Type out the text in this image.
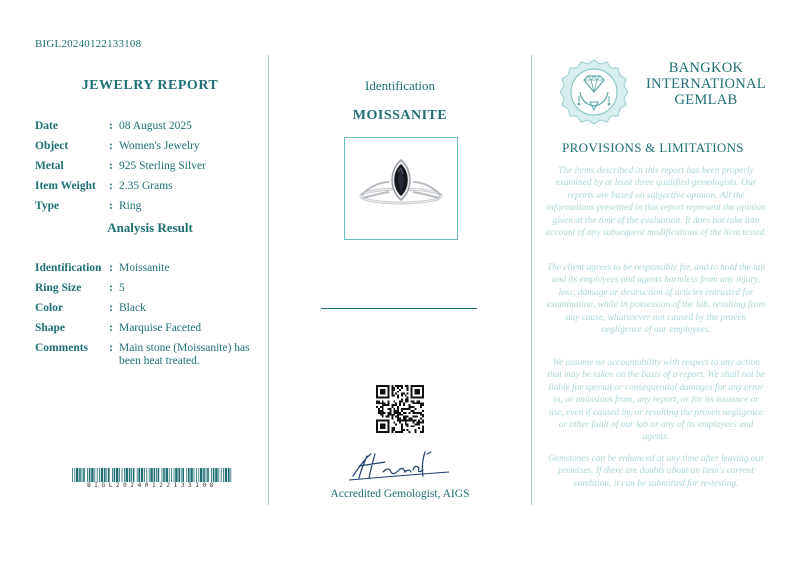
BIGL20240122133108
JEWELRY REPORT
Date	: 08 August 2025
Object	: Women's Jewelry
Metal	: 925 Sterling Silver
Item Weight : 2.35 Grams
Type	: Ring
Analysis Result
Identification : Moissanite
Ring Size : 5
Color	: Black
Shape	: Marquise Faceted
Comments : Main stone (Moissanite) has been heat treated.
BIGL20240122133108
Identification
MOISSANITE
Accredited Gemologist, AIGS
BANGKOK
INTERNATIONAL
GEMLAB
PROVISIONS & LIMITATIONS
The items described in this report has been properly examined by at least three qualified gemologists. Our reports are based on subjective opinion. All the informations presented in this report represent the opinion given at the time of the evaluation. It does not take into account of any subsequent modifications of the item tested.
The client agrees to be responsible for, and to hold the lab and its employees and agents harmless from any injury, loss, damage or destruction of articles entrusted for examination, while in possession of the lab, resulting from any cause, whatsoever not caused by the proven negligence of our employees.
We assume no accountability with respect to any action that may be taken on the basis of a report. We shall not be liable for special or consequential damages for any error in, or omissions from, any report, or for its issuance or use, even if caused by, or resulting the proven negligence or other fault of our lab or any of its employees and agents.
Gemstones can be enhanced at any time after leaving our premises. If there are doubts about an item's current condition, it can be submitted for re-testing.
